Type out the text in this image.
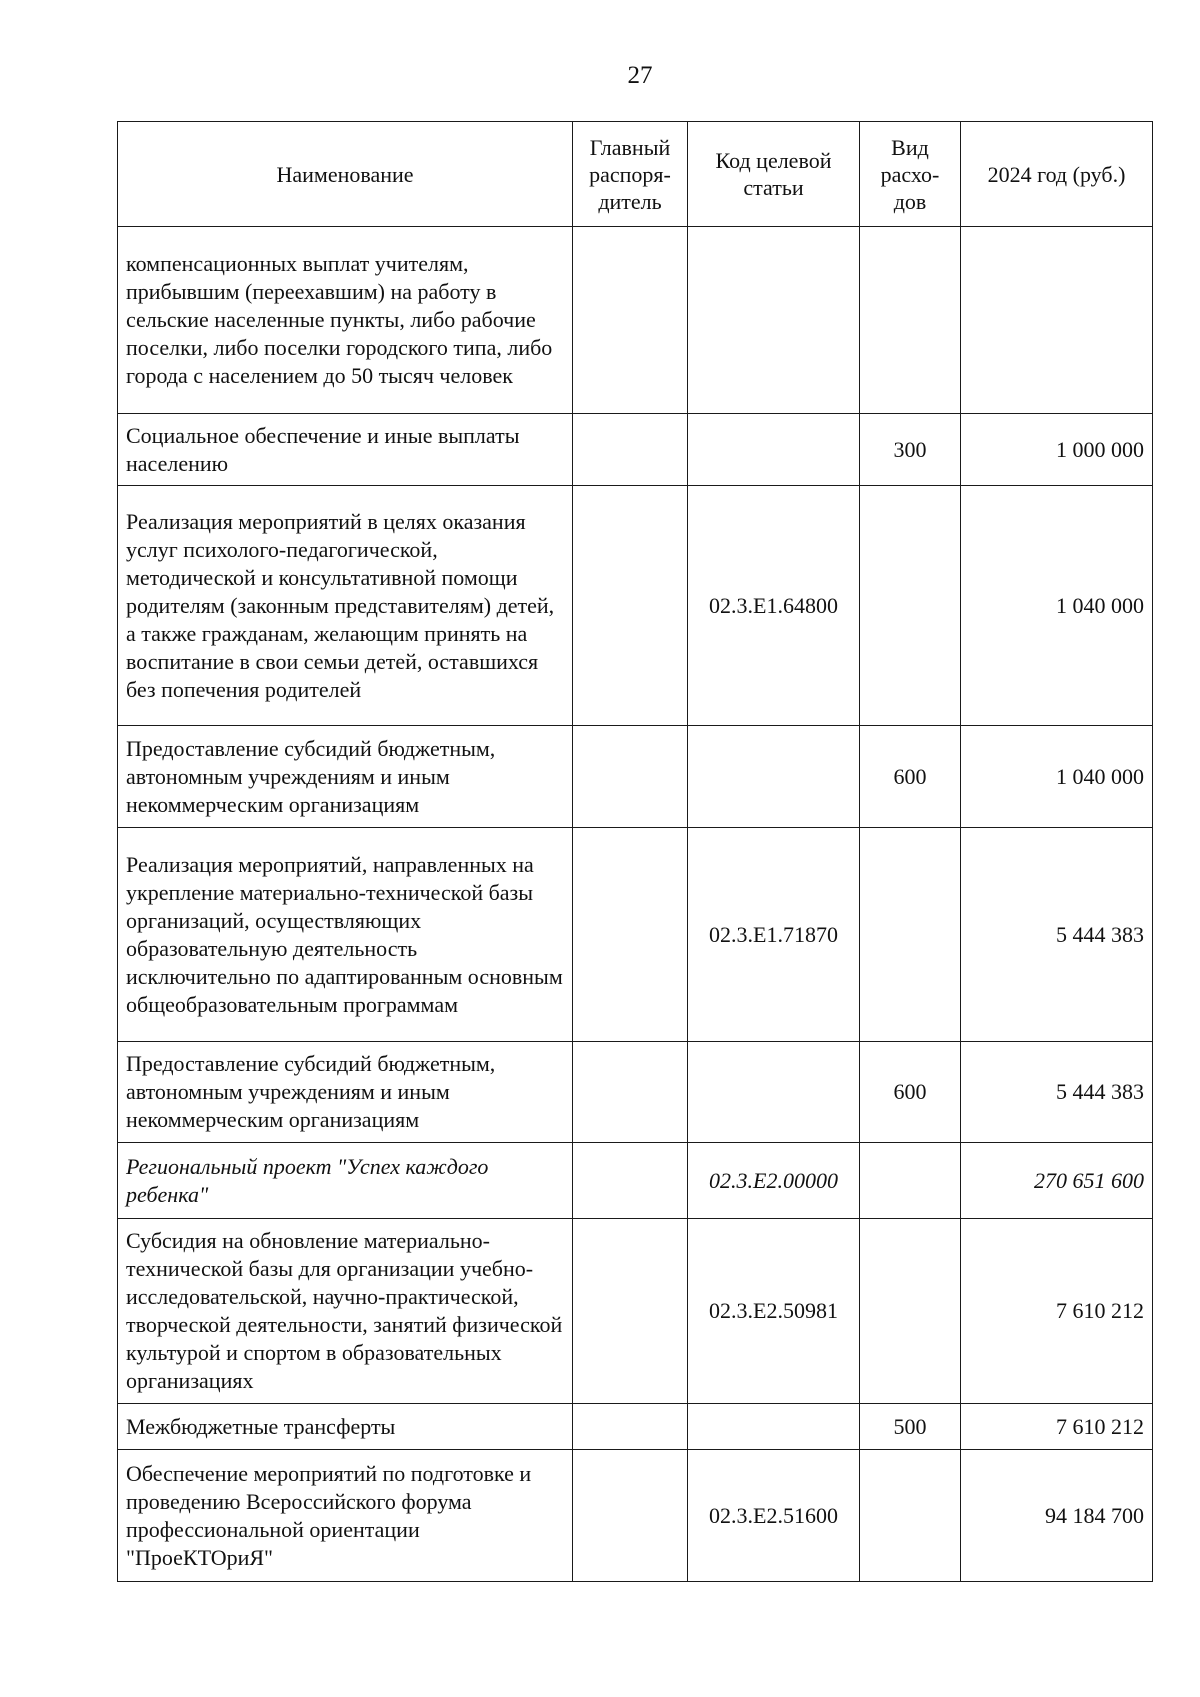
27
Наименование	Главный распоря-дитель	Код целевой статьи	Вид расхо-дов	2024 год (руб.)
компенсационных выплат учителям, прибывшим (переехавшим) на работу в сельские населенные пункты, либо рабочие поселки, либо поселки городского типа, либо города с населением до 50 тысяч человек				
Социальное обеспечение и иные выплаты населению			300	1 000 000
Реализация мероприятий в целях оказания услуг психолого-педагогической, методической и консультативной помощи родителям (законным представителям) детей, а также гражданам, желающим принять на воспитание в свои семьи детей, оставшихся без попечения родителей		02.3.E1.64800		1 040 000
Предоставление субсидий бюджетным, автономным учреждениям и иным некоммерческим организациям			600	1 040 000
Реализация мероприятий, направленных на укрепление материально-технической базы организаций, осуществляющих образовательную деятельность исключительно по адаптированным основным общеобразовательным программам		02.3.E1.71870		5 444 383
Предоставление субсидий бюджетным, автономным учреждениям и иным некоммерческим организациям			600	5 444 383
Региональный проект "Успех каждого ребенка"		02.3.E2.00000		270 651 600
Субсидия на обновление материально-технической базы для организации учебно-исследовательской, научно-практической, творческой деятельности, занятий физической культурой и спортом в образовательных организациях		02.3.E2.50981		7 610 212
Межбюджетные трансферты			500	7 610 212
Обеспечение мероприятий по подготовке и проведению Всероссийского форума профессиональной ориентации "ПроеКТОриЯ"		02.3.E2.51600		94 184 700
